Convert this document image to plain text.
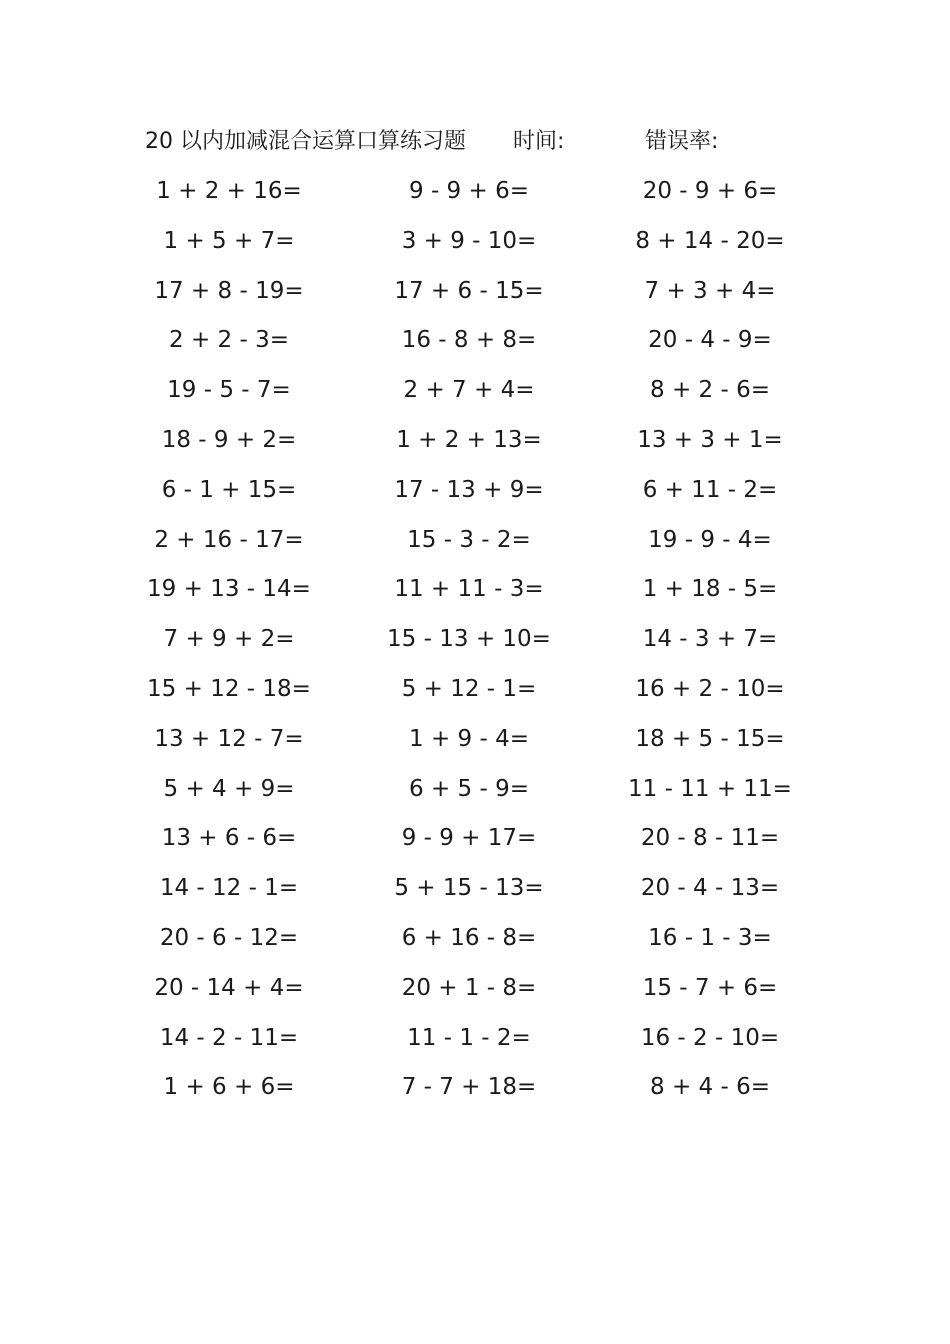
20 以内加减混合运算口算练习题 时间:	错误率:
1 + 2 + 16=	9 - 9 + 6=	20 - 9 + 6=
1 + 5 + 7=	3 + 9 - 10=	8 + 14 - 20=
17 + 8 - 19=	17 + 6 - 15=	7 + 3 + 4=
2 + 2 - 3=	16 - 8 + 8=	20 - 4 - 9=
19 - 5 - 7=	2 + 7 + 4=	8 + 2 - 6=
18 - 9 + 2=	1 + 2 + 13=	13 + 3 + 1=
6 - 1 + 15=	17 - 13 + 9=	6 + 11 - 2=
2 + 16 - 17=	15 - 3 - 2=	19 - 9 - 4=
19 + 13 - 14=	11 + 11 - 3=	1 + 18 - 5=
7 + 9 + 2=	15 - 13 + 10=	14 - 3 + 7=
15 + 12 - 18=	5 + 12 - 1=	16 + 2 - 10=
13 + 12 - 7=	1 + 9 - 4=	18 + 5 - 15=
5 + 4 + 9=	6 + 5 - 9=	11 - 11 + 11=
13 + 6 - 6=	9 - 9 + 17=	20 - 8 - 11=
14 - 12 - 1=	5 + 15 - 13=	20 - 4 - 13=
20 - 6 - 12=	6 + 16 - 8=	16 - 1 - 3=
20 - 14 + 4=	20 + 1 - 8=	15 - 7 + 6=
14 - 2 - 11=	11 - 1 - 2=	16 - 2 - 10=
1 + 6 + 6=	7 - 7 + 18=	8 + 4 - 6=
